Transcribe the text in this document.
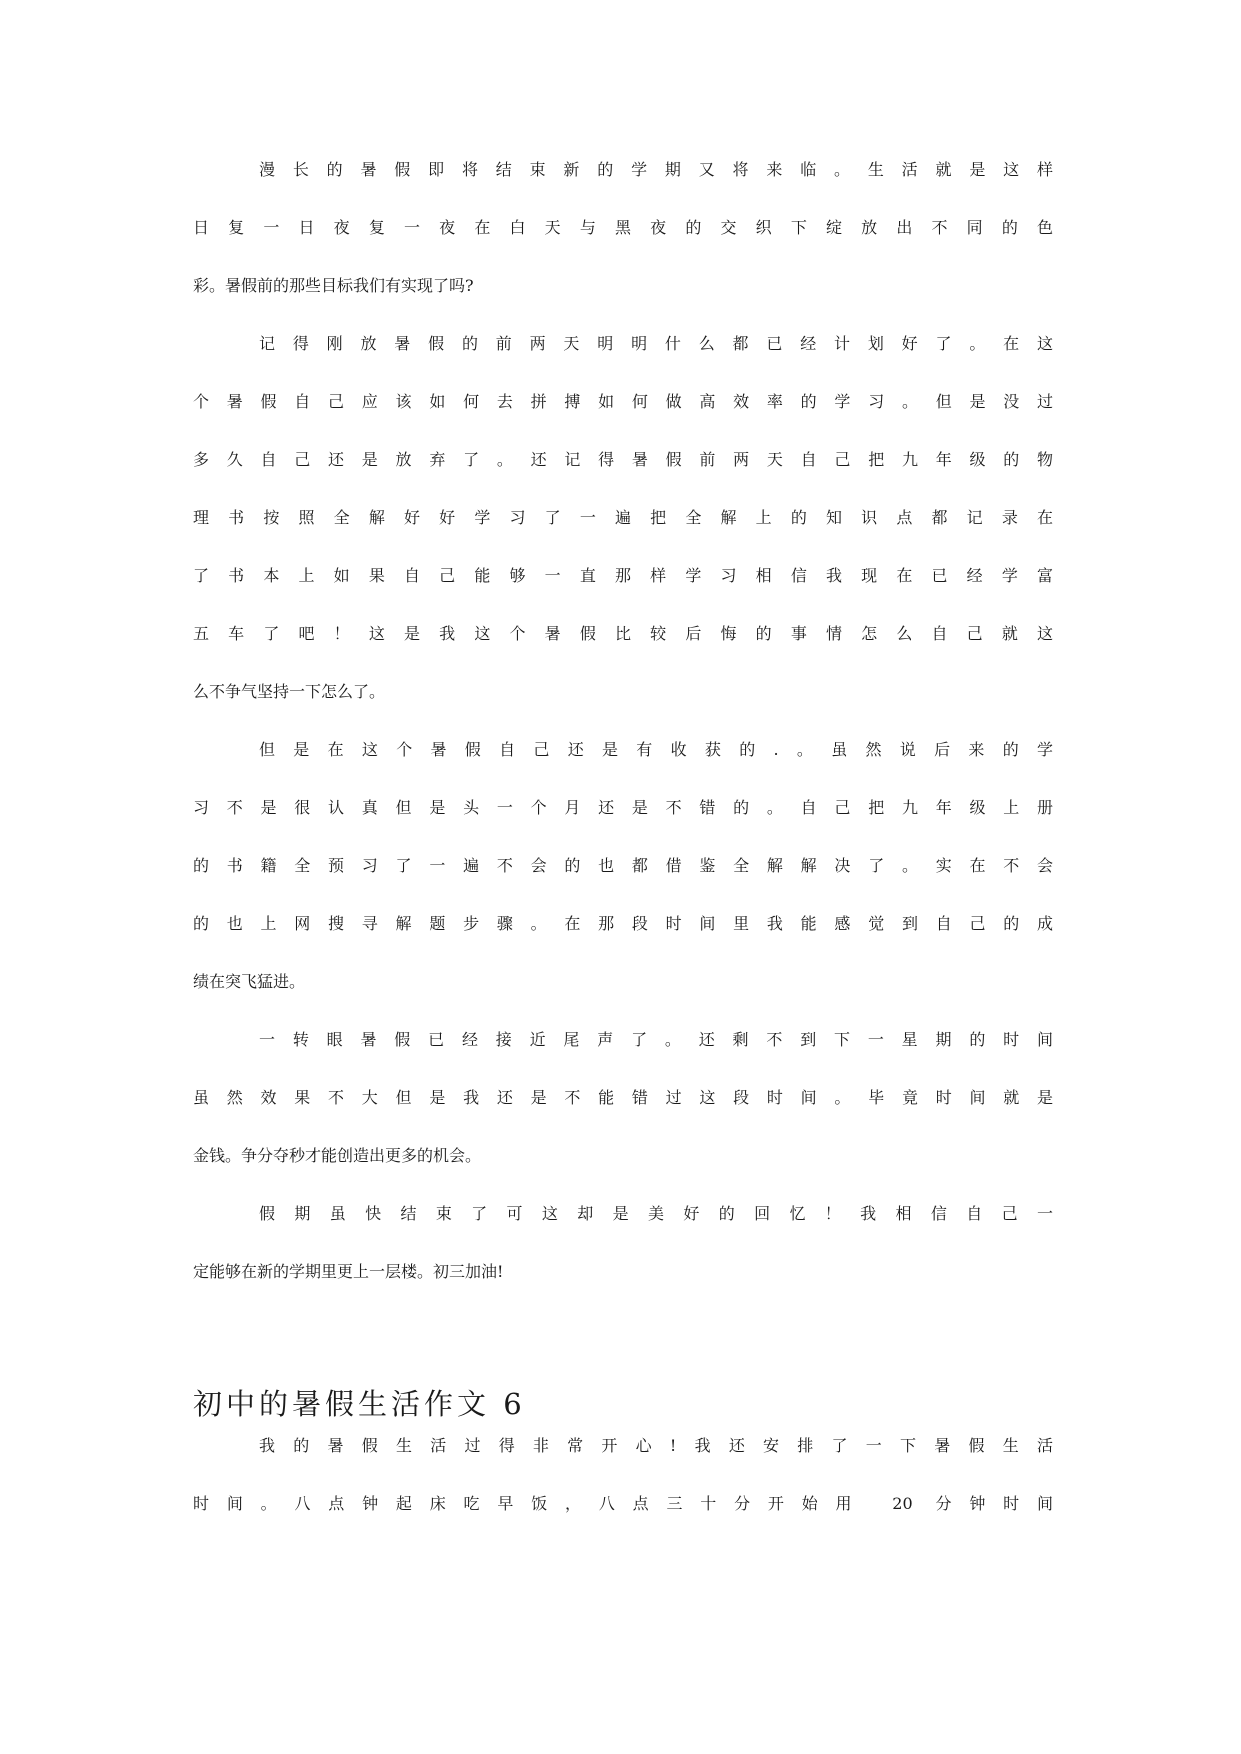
漫长的暑假即将结束新的学期又将来临。生活就是这样
日复一日夜复一夜在白天与黑夜的交织下绽放出不同的色
彩。暑假前的那些目标我们有实现了吗?
记得刚放暑假的前两天明明什么都已经计划好了。在这
个暑假自己应该如何去拼搏如何做高效率的学习。但是没过
多久自己还是放弃了。还记得暑假前两天自己把九年级的物
理书按照全解好好学习了一遍把全解上的知识点都记录在
了书本上如果自己能够一直那样学习相信我现在已经学富
五车了吧！这是我这个暑假比较后悔的事情怎么自己就这
么不争气坚持一下怎么了。
但是在这个暑假自己还是有收获的.。虽然说后来的学
习不是很认真但是头一个月还是不错的。自己把九年级上册
的书籍全预习了一遍不会的也都借鉴全解解决了。实在不会
的也上网搜寻解题步骤。在那段时间里我能感觉到自己的成
绩在突飞猛进。
一转眼暑假已经接近尾声了。还剩不到下一星期的时间
虽然效果不大但是我还是不能错过这段时间。毕竟时间就是
金钱。争分夺秒才能创造出更多的机会。
假期虽快结束了可这却是美好的回忆！我相信自己一
定能够在新的学期里更上一层楼。初三加油!
初中的暑假生活作文 6
我的暑假生活过得非常开心!我还安排了一下暑假生活
时间。八点钟起床吃早饭，八点三十分开始用 20 分钟时间
